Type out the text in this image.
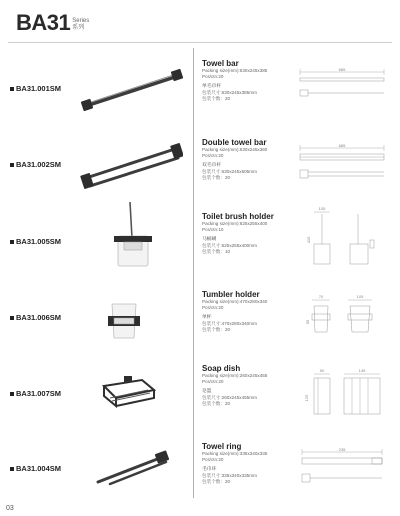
BA31 Series
系列
BA31.001SM
Towel bar
Packing size(mm):630x245x385
Pcs/ctn:20
单毛巾杆
包装尺寸:630x245x385mm
包装个数：20
685
BA31.002SM
Double towel bar
Packing size(mm):630x245x360
Pcs/ctn:20
双毛巾杆
包装尺寸:630x245x505mm
包装个数：20
685
BA31.005SM
Toilet brush holder
Packing size(mm):625x255x400
Pcs/ctn:10
马桶刷
包装尺寸:625x255x400mm
包装个数：10
105
415
BA31.006SM
Tumbler holder
Packing size(mm):470x280x340
Pcs/ctn:20
单杯
包装尺寸:470x280x340mm
包装个数：20
70
95
105
BA31.007SM
Soap dish
Packing size(mm):260x245x455
Pcs/ctn:20
皂篮
包装尺寸:260x245x455mm
包装个数：20
50
125
145
BA31.004SM
Towel ring
Packing size(mm):335x340x335
Pcs/ctn:20
毛巾环
包装尺寸:335x340x335mm
包装个数：20
235
03
